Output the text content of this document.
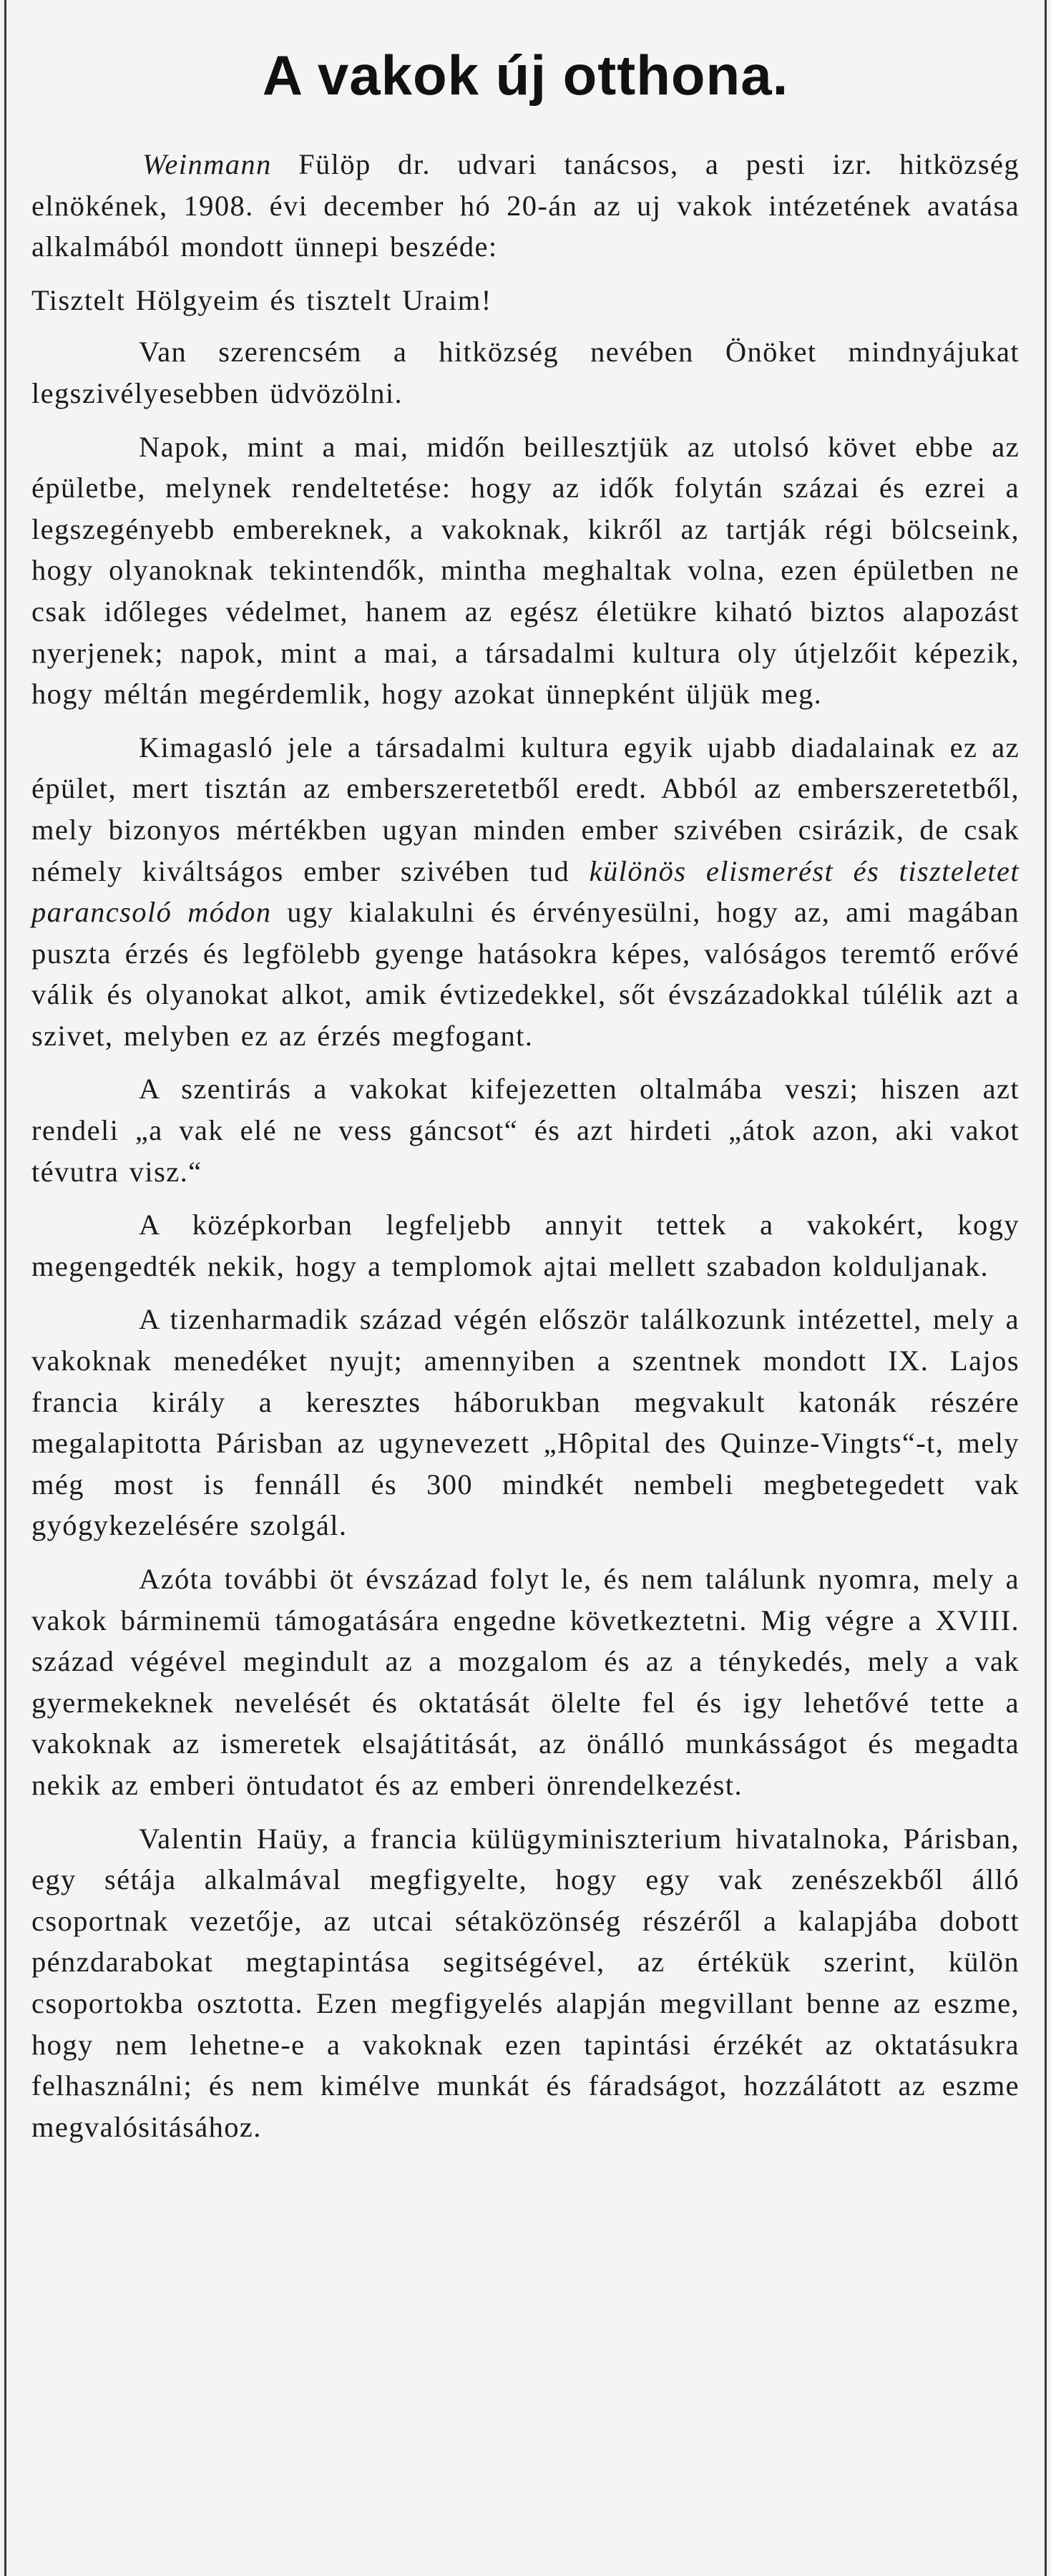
A vakok új otthona.

Weinmann Fülöp dr. udvari tanácsos, a pesti izr. hitközség elnökének, 1908. évi december hó 20-án az uj vakok intézetének avatása alkalmából mondott ünnepi beszéde:

Tisztelt Hölgyeim és tisztelt Uraim!

Van szerencsém a hitközség nevében Önöket mindnyájukat legszivélyesebben üdvözölni.

Napok, mint a mai, midőn beillesztjük az utolsó követ ebbe az épületbe, melynek rendeltetése: hogy az idők folytán százai és ezrei a legszegényebb embereknek, a vakoknak, kikről az tartják régi bölcseink, hogy olyanoknak tekintendők, mintha meghaltak volna, ezen épületben ne csak időleges védelmet, hanem az egész életükre kiható biztos alapozást nyerjenek; napok, mint a mai, a társadalmi kultura oly útjelzőit képezik, hogy méltán megérdemlik, hogy azokat ünnepként üljük meg.

Kimagasló jele a társadalmi kultura egyik ujabb diadalainak ez az épület, mert tisztán az emberszeretetből eredt. Abból az emberszeretetből, mely bizonyos mértékben ugyan minden ember szivében csirázik, de csak némely kiváltságos ember szivében tud különös elismerést és tiszteletet parancsoló módon ugy kialakulni és érvényesülni, hogy az, ami magában puszta érzés és legfölebb gyenge hatásokra képes, valóságos teremtő erővé válik és olyanokat alkot, amik évtizedekkel, sőt évszázadokkal túlélik azt a szivet, melyben ez az érzés megfogant.

A szentirás a vakokat kifejezetten oltalmába veszi; hiszen azt rendeli „a vak elé ne vess gáncsot“ és azt hirdeti „átok azon, aki vakot tévutra visz.“

A középkorban legfeljebb annyit tettek a vakokért, kogy megengedték nekik, hogy a templomok ajtai mellett szabadon kolduljanak.

A tizenharmadik század végén először találkozunk intézettel, mely a vakoknak menedéket nyujt; amennyiben a szentnek mondott IX. Lajos francia király a keresztes háborukban megvakult katonák részére megalapitotta Párisban az ugynevezett „Hôpital des Quinze-Vingts“-t, mely még most is fennáll és 300 mindkét nembeli megbetegedett vak gyógykezelésére szolgál.

Azóta további öt évszázad folyt le, és nem találunk nyomra, mely a vakok bárminemü támogatására engedne következtetni. Mig végre a XVIII. század végével megindult az a mozgalom és az a ténykedés, mely a vak gyermekeknek nevelését és oktatását ölelte fel és igy lehetővé tette a vakoknak az ismeretek elsajátitását, az önálló munkásságot és megadta nekik az emberi öntudatot és az emberi önrendelkezést.

Valentin Haüy, a francia külügyminiszterium hivatalnoka, Párisban, egy sétája alkalmával megfigyelte, hogy egy vak zenészekből álló csoportnak vezetője, az utcai sétaközönség részéről a kalapjába dobott pénzdarabokat megtapintása segitségével, az értékük szerint, külön csoportokba osztotta. Ezen megfigyelés alapján megvillant benne az eszme, hogy nem lehetne-e a vakoknak ezen tapintási érzékét az oktatásukra felhasználni; és nem kimélve munkát és fáradságot, hozzálátott az eszme megvalósitásához.
